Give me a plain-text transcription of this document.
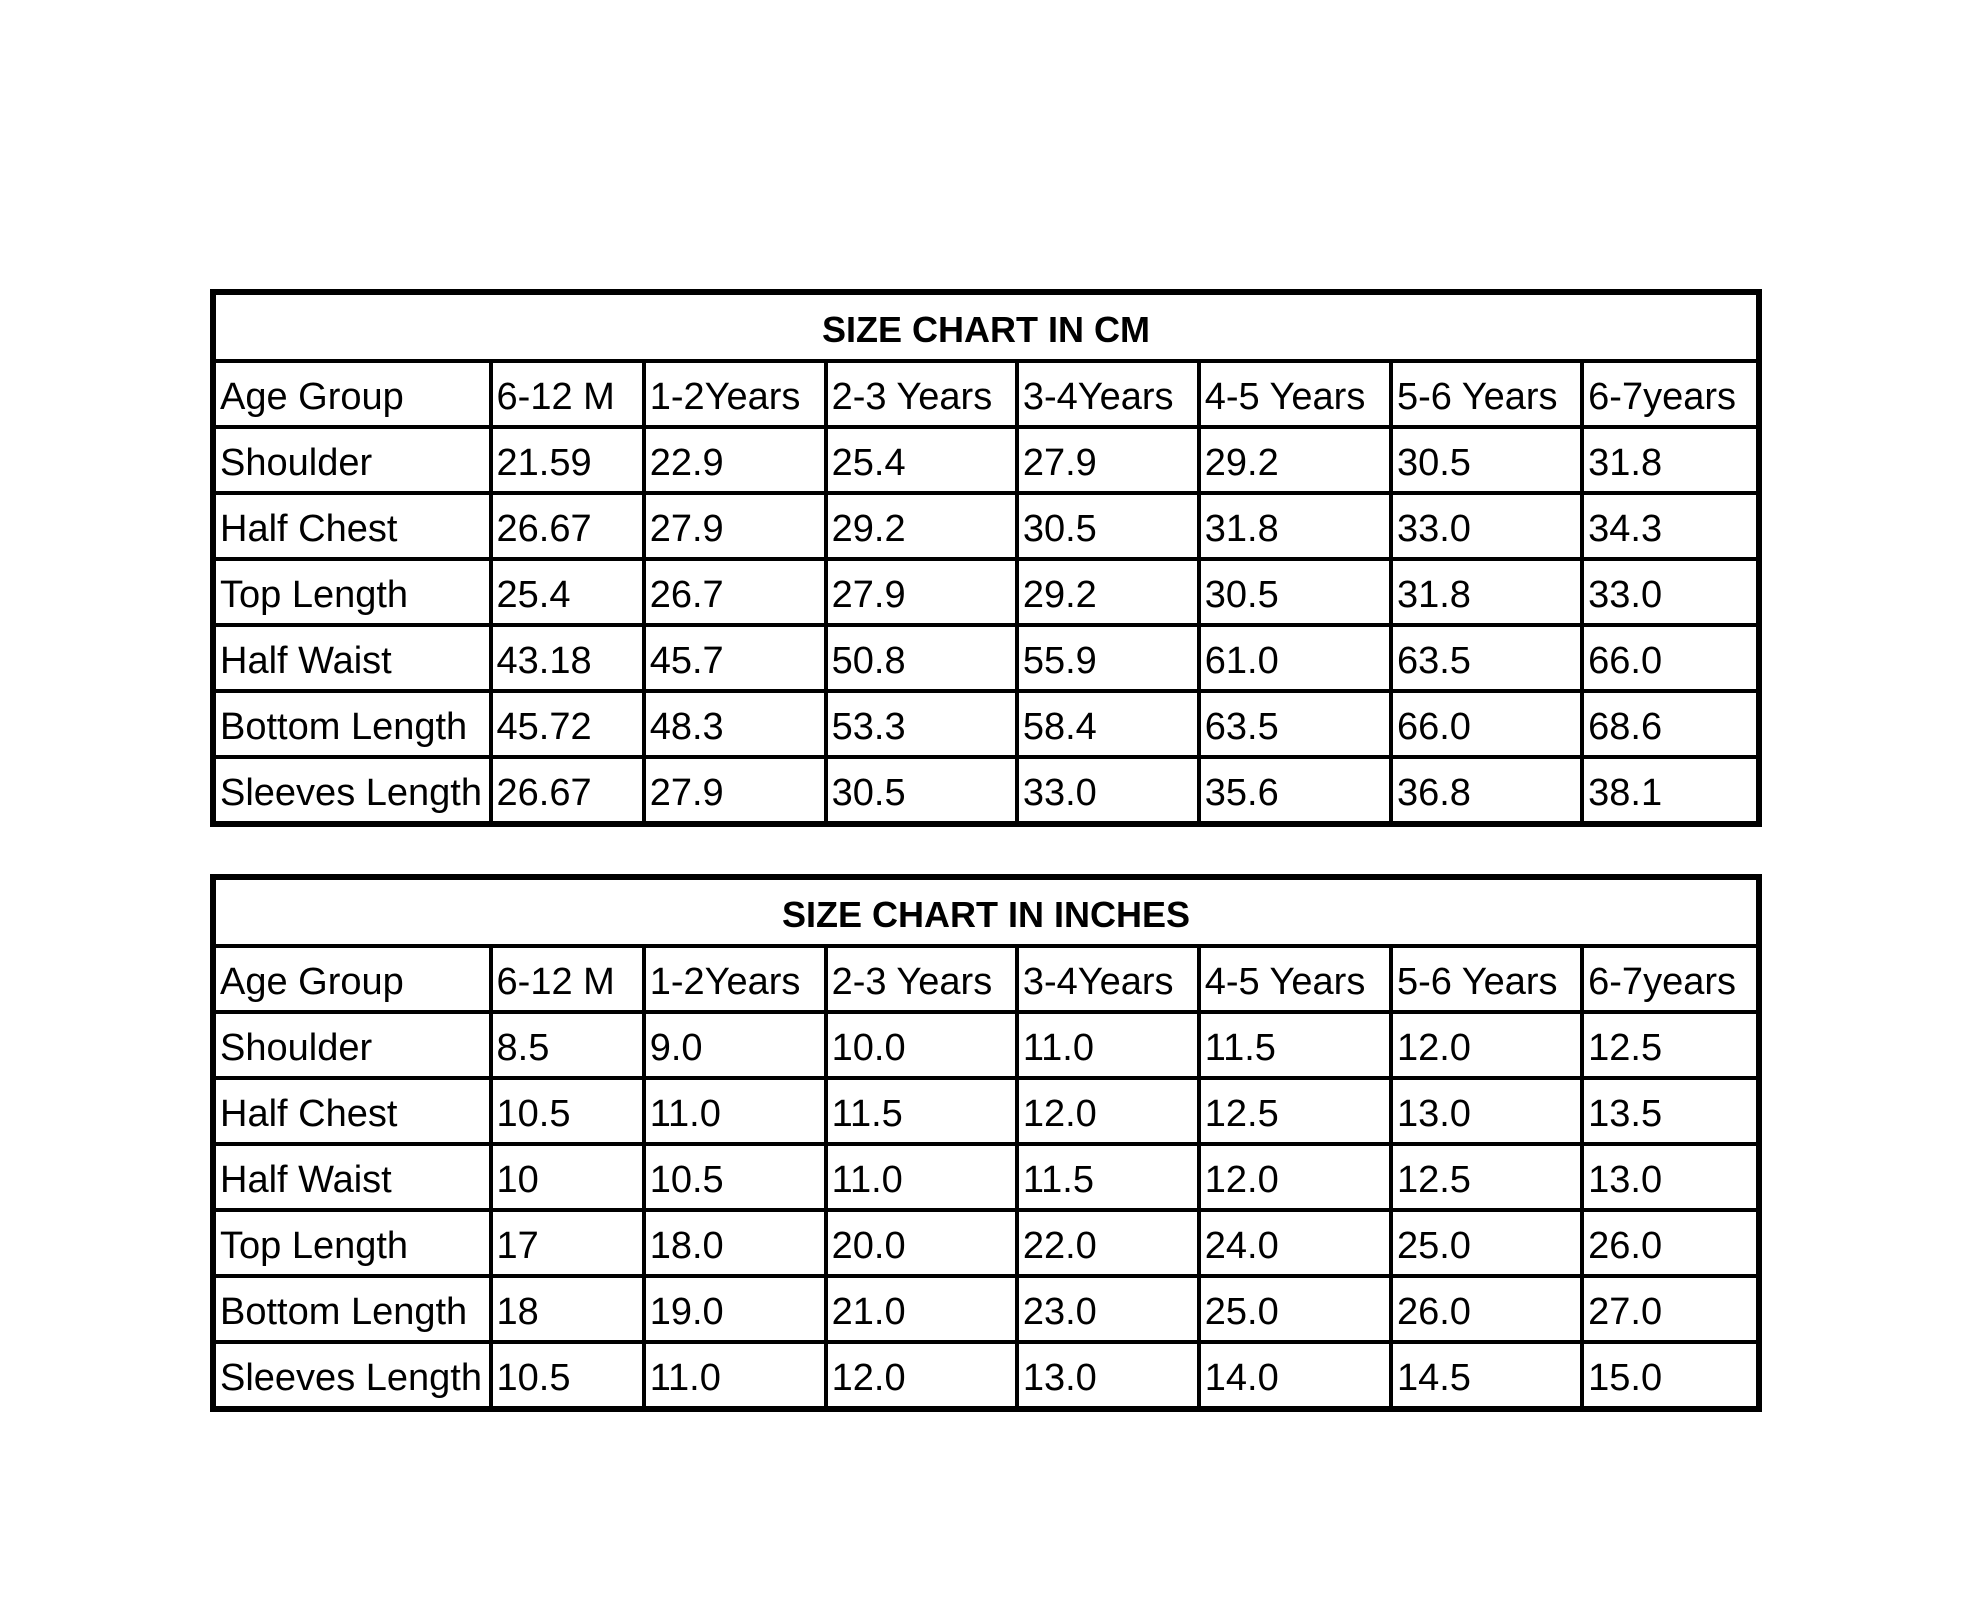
SIZE CHART IN CM							
Age Group	6-12 M	1-2Years	2-3 Years	3-4Years	4-5 Years	5-6 Years	6-7years
Shoulder	21.59	22.9	25.4	27.9	29.2	30.5	31.8
Half Chest	26.67	27.9	29.2	30.5	31.8	33.0	34.3
Top Length	25.4	26.7	27.9	29.2	30.5	31.8	33.0
Half Waist	43.18	45.7	50.8	55.9	61.0	63.5	66.0
Bottom Length	45.72	48.3	53.3	58.4	63.5	66.0	68.6
Sleeves Length	26.67	27.9	30.5	33.0	35.6	36.8	38.1
SIZE CHART IN INCHES							
Age Group	6-12 M	1-2Years	2-3 Years	3-4Years	4-5 Years	5-6 Years	6-7years
Shoulder	8.5	9.0	10.0	11.0	11.5	12.0	12.5
Half Chest	10.5	11.0	11.5	12.0	12.5	13.0	13.5
Half Waist	10	10.5	11.0	11.5	12.0	12.5	13.0
Top Length	17	18.0	20.0	22.0	24.0	25.0	26.0
Bottom Length	18	19.0	21.0	23.0	25.0	26.0	27.0
Sleeves Length	10.5	11.0	12.0	13.0	14.0	14.5	15.0
